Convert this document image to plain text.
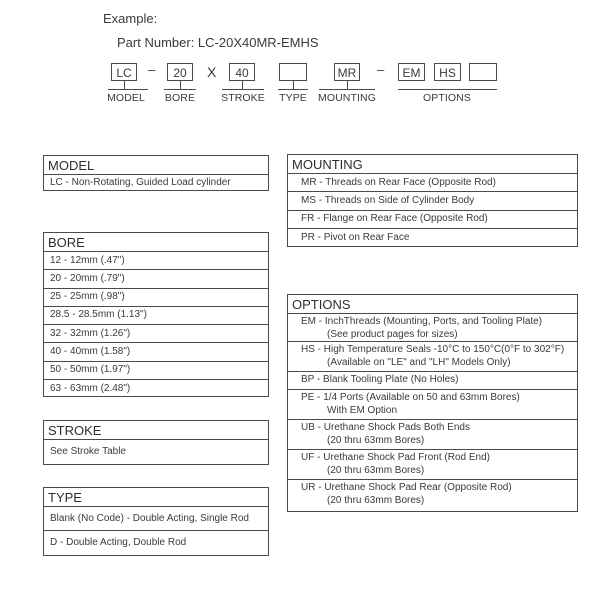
Example:
Part Number: LC-20X40MR-EMHS
LC	–	20	X	40	MR –	EM	HS
MODEL	BORE	STROKE	TYPE	MOUNTING	OPTIONS
MODEL
LC - Non-Rotating, Guided Load cylinder
BORE
12 - 12mm (.47")
20 - 20mm (.79")
25 - 25mm (.98")
28.5 - 28.5mm (1.13")
32 - 32mm (1.26")
40 - 40mm (1.58")
50 - 50mm (1.97")
63 - 63mm (2.48")
STROKE
See Stroke Table
TYPE
Blank (No Code) - Double Acting, Single Rod
D - Double Acting, Double Rod
MOUNTING
MR - Threads on Rear Face (Opposite Rod)
MS - Threads on Side of Cylinder Body
FR - Flange on Rear Face (Opposite Rod)
PR - Pivot on Rear Face
OPTIONS
EM - InchThreads (Mounting, Ports, and Tooling Plate)
(See product pages for sizes)
HS - High Temperature Seals -10°C to 150°C(0°F to 302°F)
(Available on "LE" and "LH" Models Only)
BP - Blank Tooling Plate (No Holes)
PE - 1/4 Ports (Available on 50 and 63mm Bores)
With EM Option
UB - Urethane Shock Pads Both Ends
(20 thru 63mm Bores)
UF - Urethane Shock Pad Front (Rod End)
(20 thru 63mm Bores)
UR - Urethane Shock Pad Rear (Opposite Rod)
(20 thru 63mm Bores)
